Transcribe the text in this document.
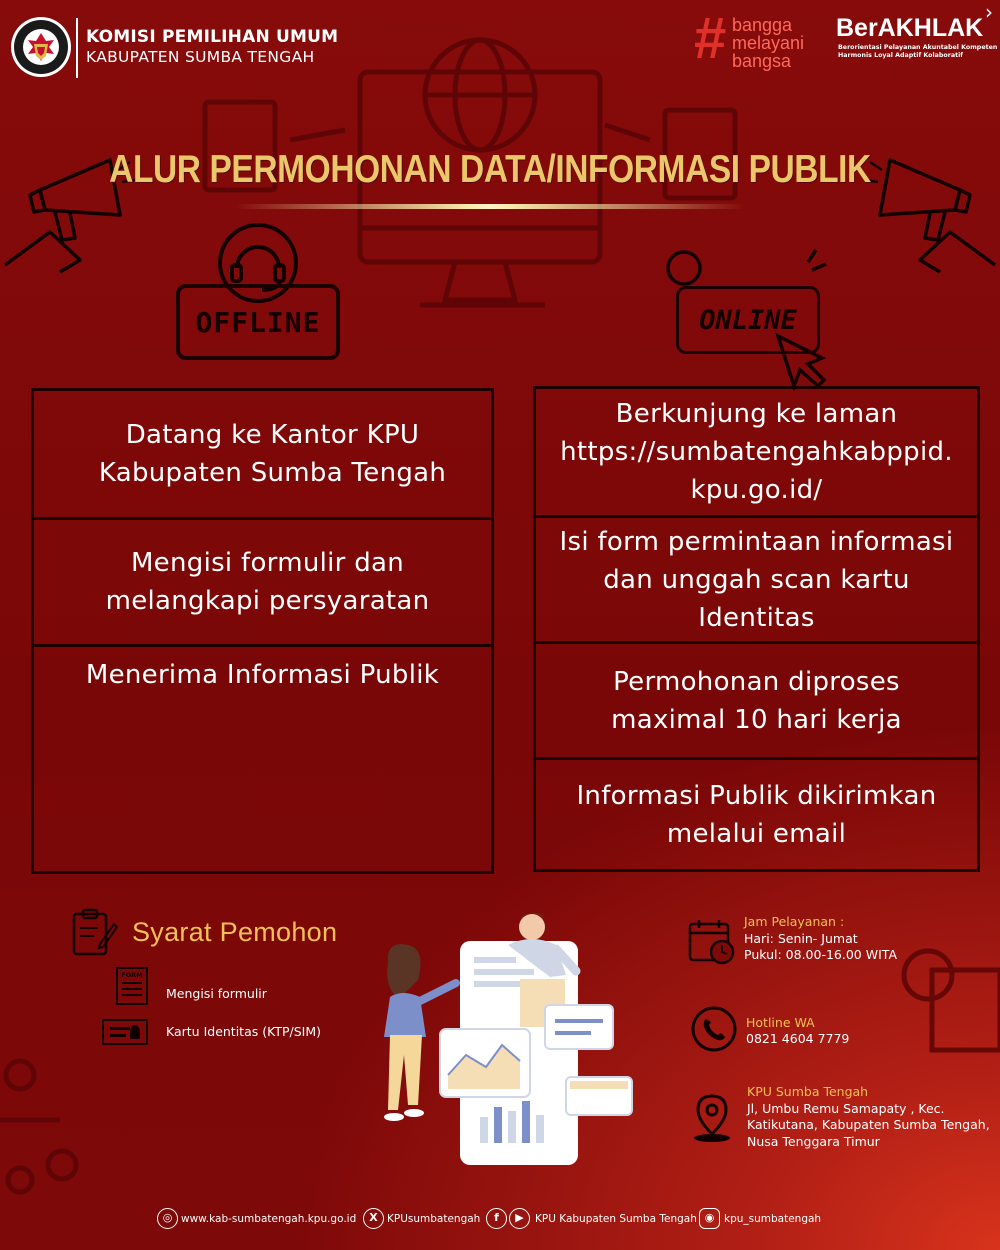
KOMISI PEMILIHAN UMUM
KABUPATEN SUMBA TENGAH	# bangga
melayani
bangsa
BerAKHLAK
Berorientasi Pelayanan Akuntabel Kompeten Harmonis Loyal Adaptif Kolaboratif
›
ALUR PERMOHONAN DATA/INFORMASI PUBLIK
OFFLINE	ONLINE
Datang ke Kantor KPU Kabupaten Sumba Tengah
Mengisi formulir dan melangkapi persyaratan
Menerima Informasi Publik
Berkunjung ke laman https://sumbatengahkabppid. kpu.go.id/
Isi form permintaan informasi dan unggah scan kartu Identitas
Permohonan diproses maximal 10 hari kerja
Informasi Publik dikirimkan melalui email
Syarat Pemohon
FORM
Mengisi formulir
Kartu Identitas (KTP/SIM)
Jam Pelayanan :
Hari: Senin- Jumat
Pukul: 08.00-16.00 WITA
Hotline WA
0821 4604 7779
KPU Sumba Tengah
Jl, Umbu Remu Samapaty , Kec.
Katikutana, Kabupaten Sumba Tengah,
Nusa Tenggara Timur
◎ www.kab-sumbatengah.kpu.go.id	X KPUsumbatengah	f	▶	KPU Kabupaten Sumba Tengah ◉ kpu_sumbatengah
